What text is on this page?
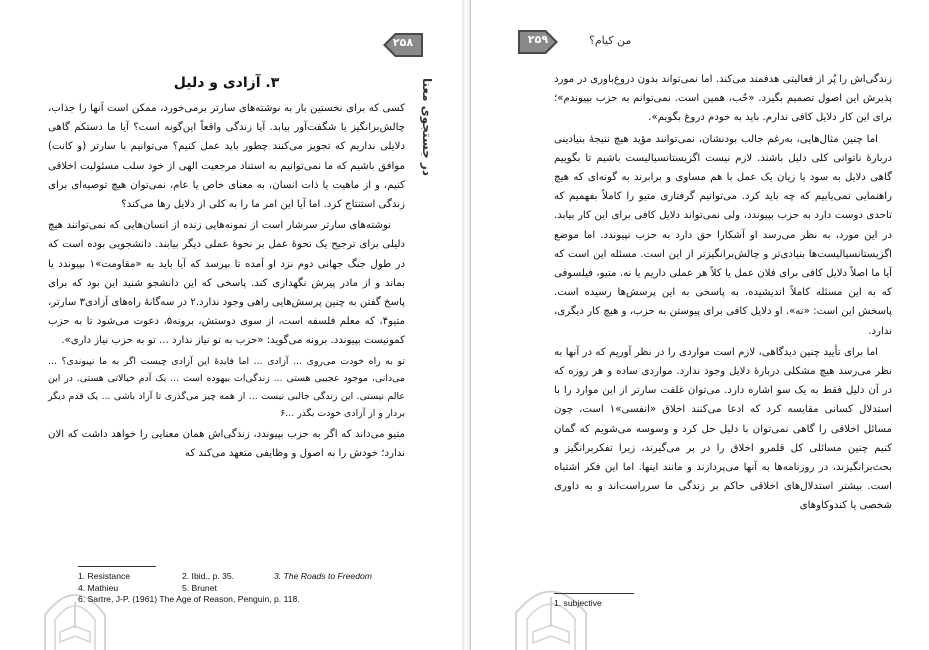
۲۵۸
در جستجوی معنا
۳. آزادی و دلیل

کسی که برای نخستین بار به نوشته‌های سارتر برمی‌خورد، ممکن است آنها را جذاب، چالش‌برانگیز یا شگفت‌آور بیابد. آیا زندگی واقعاً این‌گونه است؟ آیا ما دستکم گاهی دلایلی نداریم که تجویز می‌کنند چطور باید عمل کنیم؟ می‌توانیم با سارتر (و کانت) موافق باشیم که ما نمی‌توانیم به استناد مرجعیت الهی از خود سلب مسئولیت اخلاقی کنیم، و از ماهیت یا ذات انسان، به معنای خاص یا عام، نمی‌توان هیچ توصیه‌ای برای زندگی استنتاج کرد. اما آیا این امر ما را به کلی از دلایل رها می‌کند؟

نوشته‌های سارتر سرشار است از نمونه‌هایی زنده از انسان‌هایی که نمی‌توانند هیچ دلیلی برای ترجیح یک نحوهٔ عمل بر نحوهٔ عملی دیگر بیابند. دانشجویی بوده است که در طول جنگ جهانی دوم نزد او آمده تا بپرسد که آیا باید به «مقاومت»۱ بپیوندد یا بماند و از مادر پیرش نگهداری کند. پاسخی که این دانشجو شنید این بود که برای پاسخ گفتن به چنین پرسش‌هایی راهی وجود ندارد.۲ در سه‌گانهٔ راه‌های آزادی۳ سارتر، متیو۴، که معلم فلسفه است، از سوی دوستش، برونه۵، دعوت می‌شود تا به حزب کمونیست بپیوندد. برونه می‌گوید: «حزب به تو نیاز ندارد ... تو به حزب نیاز داری».

تو به راه خودت می‌روی ... آزادی ... اما فایدهٔ این آزادی چیست اگر به ما نپیوندی؟ ... می‌دانی، موجود عجیبی هستی ... زندگی‌ات بیهوده است ... یک آدم خیالاتی هستی. در این عالم نیستی. این زندگی جالبی نیست ... از همه چیز می‌گذری تا آزاد باشی ... یک قدم دیگر بردار و از آزادی خودت بگذر ...۶

متیو می‌داند که اگر به حزب بپیوندد، زندگی‌اش همان معنایی را خواهد داشت که الان ندارد؛ خودش را به اصول و وظایفی متعهد می‌کند که

1. Resistance	2. Ibid., p. 35.	3. The Roads to Freedom
4. Mathieu	5. Brunet
6. Sartre, J-P. (1961) The Age of Reason, Penguin, p. 118.
۲۵۹	من کیام؟

زندگی‌اش را پُر از فعالیتی هدفمند می‌کند. اما نمی‌تواند بدون دروغ‌باوری در مورد پذیرش این اصول تصمیم بگیرد. «حُب، همین است. نمی‌توانم به حزب بپیوندم»؛ برای این کار دلایل کافی ندارم. باید به خودم دروغ بگویم».

اما چنین مثال‌هایی، به‌رغم جالب بودنشان، نمی‌توانند مؤید هیچ نتیجهٔ بنیادینی دربارهٔ ناتوانی کلی دلیل باشند. لازم نیست اگزیستانسیالیست باشیم تا بگوییم گاهی دلایل به سود یا زیان یک عمل با هم مساوی و برابرند به گونه‌ای که هیچ راهنمایی نمی‌یابیم که چه باید کرد. می‌توانیم گرفتاری متیو را کاملاً بفهمیم که تاحدی دوست دارد به حزب بپیوندد، ولی نمی‌تواند دلایل کافی برای این کار بیابد. در این مورد، به نظر می‌رسد او آشکارا حق دارد به حزب نپیوندد. اما موضع اگزیستانسیالیست‌ها بنیادی‌تر و چالش‌برانگیزتر از این است. مسئله این است که آیا ما اصلاً دلایل کافی برای فلان عمل یا کلاً هر عملی داریم یا نه. متیو، فیلسوفی که به این مسئله کاملاً اندیشیده، به پاسخی به این پرسش‌ها رسیده است. پاسخش این است: «نه». او دلایل کافی برای پیوستن به حزب، و هیچ کار دیگری، ندارد.

اما برای تأیید چنین دیدگاهی، لازم است مواردی را در نظر آوریم که در آنها به نظر می‌رسد هیچ مشکلی دربارهٔ دلایل وجود ندارد. مواردی ساده و هر روزه که در آن دلیل فقط به یک سو اشاره دارد. می‌توان غلفت سارتر از این موارد را با استدلال کسانی مقایسه کرد که ادعا می‌کنند اخلاق «انفسی»۱ است، چون مسائل اخلاقی را گاهی نمی‌توان با دلیل حل کرد و وسوسه می‌شویم که گمان کنیم چنین مسائلی کل قلمرو اخلاق را در بر می‌گیرند، زیرا تفکربرانگیز و بحث‌برانگیزند، در روزنامه‌ها به آنها می‌پردازند و مانند اینها. اما این فکر اشتباه است. بیشتر استدلال‌های اخلاقی حاکم بر زندگی ما سرراست‌اند و به داوری شخصی یا کندوکاوهای

1. subjective
